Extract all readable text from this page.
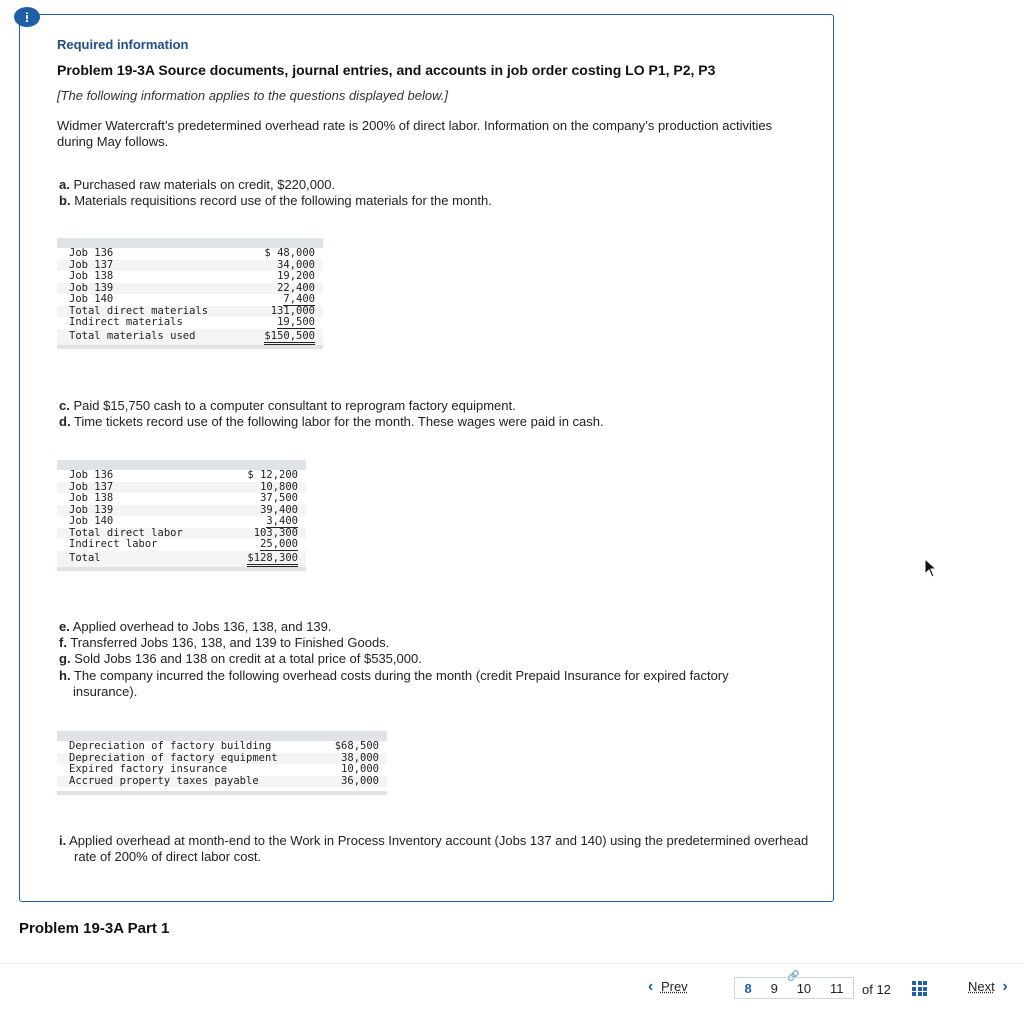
!
Required information
Problem 19-3A Source documents, journal entries, and accounts in job order costing LO P1, P2, P3
[The following information applies to the questions displayed below.]
Widmer Watercraft’s predetermined overhead rate is 200% of direct labor. Information on the company’s production activities during May follows.
a. Purchased raw materials on credit, $220,000.
b. Materials requisitions record use of the following materials for the month.
Job 136	$ 48,000
Job 137	34,000
Job 138	19,200
Job 139	22,400
Job 140	7,400
Total direct materials	131,000
Indirect materials	19,500
Total materials used	$150,500
c. Paid $15,750 cash to a computer consultant to reprogram factory equipment.
d. Time tickets record use of the following labor for the month. These wages were paid in cash.
Job 136	$ 12,200
Job 137	10,800
Job 138	37,500
Job 139	39,400
Job 140	3,400
Total direct labor	103,300
Indirect labor	25,000
Total	$128,300
e. Applied overhead to Jobs 136, 138, and 139.
f. Transferred Jobs 136, 138, and 139 to Finished Goods.
g. Sold Jobs 136 and 138 on credit at a total price of $535,000.
h. The company incurred the following overhead costs during the month (credit Prepaid Insurance for expired factory insurance).
Depreciation of factory building	$68,500
Depreciation of factory equipment	38,000
Expired factory insurance	10,000
Accrued property taxes payable	36,000
i. Applied overhead at month-end to the Work in Process Inventory account (Jobs 137 and 140) using the predetermined overhead rate of 200% of direct labor cost.
Problem 19-3A Part 1
‹ Prev
🔗
8 9 10 11 of 12	Next ›
